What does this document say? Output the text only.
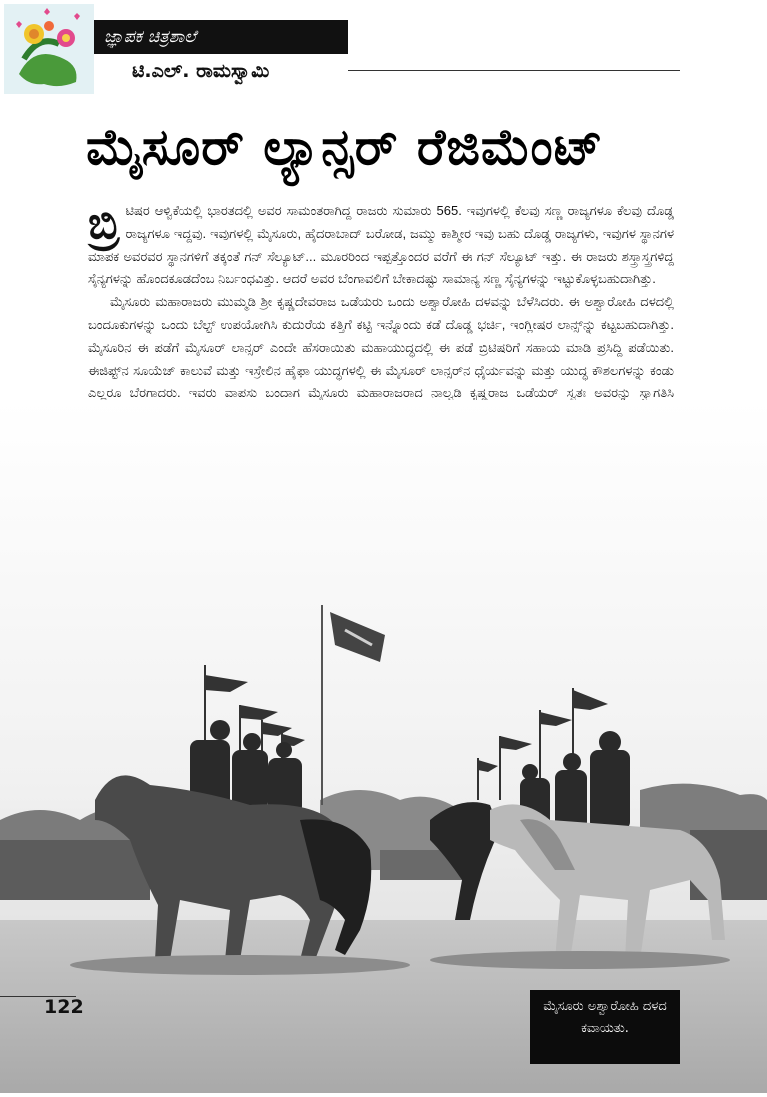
ಜ್ಞಾಪಕ ಚಿತ್ರಶಾಲೆ
ಟಿ.ಎಲ್. ರಾಮಸ್ವಾಮಿ
ಮೈಸೂರ್ ಲ್ಯಾನ್ಸರ್ ರೆಜಿಮೆಂಟ್

ಬ್ರಿ ಟಿಷರ ಆಳ್ವಿಕೆಯಲ್ಲಿ ಭಾರತದಲ್ಲಿ ಅವರ ಸಾಮಂತರಾಗಿದ್ದ ರಾಜರು ಸುಮಾರು 565. ಇವುಗಳಲ್ಲಿ ಕೆಲವು ಸಣ್ಣ ರಾಜ್ಯಗಳೂ ಕೆಲವು ದೊಡ್ಡ ರಾಜ್ಯಗಳೂ ಇದ್ದವು. ಇವುಗಳಲ್ಲಿ ಮೈಸೂರು, ಹೈದರಾಬಾದ್ ಬರೋಡ, ಜಮ್ಮು ಕಾಶ್ಮೀರ ಇವು ಬಹು ದೊಡ್ಡ ರಾಜ್ಯಗಳು, ಇವುಗಳ ಸ್ಥಾನಗಳ ಮಾಪಕ ಅವರವರ ಸ್ಥಾನಗಳಿಗೆ ತಕ್ಕಂತೆ ಗನ್ ಸೆಲ್ಯೂಟ್... ಮೂರರಿಂದ ಇಪ್ಪತ್ತೊಂದರ ವರೆಗೆ ಈ ಗನ್ ಸೆಲ್ಯೂಟ್ ಇತ್ತು. ಈ ರಾಜರು ಶಸ್ತ್ರಾಸ್ತ್ರಗಳಿದ್ದ ಸೈನ್ಯಗಳನ್ನು ಹೊಂದಕೂಡದೆಂಬ ನಿರ್ಬಂಧವಿತ್ತು. ಆದರೆ ಅವರ ಬೆಂಗಾವಲಿಗೆ ಬೇಕಾದಷ್ಟು ಸಾಮಾನ್ಯ ಸಣ್ಣ ಸೈನ್ಯಗಳನ್ನು ಇಟ್ಟುಕೊಳ್ಳಬಹುದಾಗಿತ್ತು.

ಮೈಸೂರು ಮಹಾರಾಜರು ಮುಮ್ಮಡಿ ಶ್ರೀ ಕೃಷ್ಣದೇವರಾಜ ಒಡೆಯರು ಒಂದು ಅಶ್ವಾರೋಹಿ ದಳವನ್ನು ಬೆಳೆಸಿದರು. ಈ ಅಶ್ವಾರೋಹಿ ದಳದಲ್ಲಿ ಬಂದೂಕುಗಳನ್ನು ಒಂದು ಬೆಲ್ಟ್ ಉಪಯೋಗಿಸಿ ಕುದುರೆಯ ಕತ್ತಿಗೆ ಕಟ್ಟಿ ಇನ್ನೊಂದು ಕಡೆ ದೊಡ್ಡ ಭರ್ಚಿ, ಇಂಗ್ಲೀಷರ ಲಾನ್ಸ್‌ನ್ನು ಕಟ್ಟಬಹುದಾಗಿತ್ತು. ಮೈಸೂರಿನ ಈ ಪಡೆಗೆ ಮೈಸೂರ್ ಲಾನ್ಸರ್ ಎಂದೇ ಹೆಸರಾಯಿತು ಮಹಾಯುದ್ಧದಲ್ಲಿ ಈ ಪಡೆ ಬ್ರಿಟಿಷರಿಗೆ ಸಹಾಯ ಮಾಡಿ ಪ್ರಸಿದ್ದಿ ಪಡೆಯಿತು. ಈಜಿಪ್ಟ್‌ನ ಸೂಯೆಜ್ ಕಾಲುವೆ ಮತ್ತು ಇಸ್ರೇಲಿನ ಹೈಫಾ ಯುದ್ಧಗಳಲ್ಲಿ ಈ ಮೈಸೂರ್ ಲಾನ್ಸರ್‌ನ ಧೈರ್ಯವನ್ನು ಮತ್ತು ಯುದ್ಧ ಕೌಶಲಗಳನ್ನು ಕಂಡು ಎಲ್ಲರೂ ಬೆರಗಾದರು. ಇವರು ವಾಪಸು ಬಂದಾಗ ಮೈಸೂರು ಮಹಾರಾಜರಾದ ನಾಲ್ವಡಿ ಕೃಷ್ಣರಾಜ ಒಡೆಯರ್ ಸ್ವತಃ ಅವರನ್ನು ಸ್ವಾಗತಿಸಿ

122	ಮೈಸೂರು ಅಶ್ವಾರೋಹಿ ದಳದ ಕವಾಯತು.
